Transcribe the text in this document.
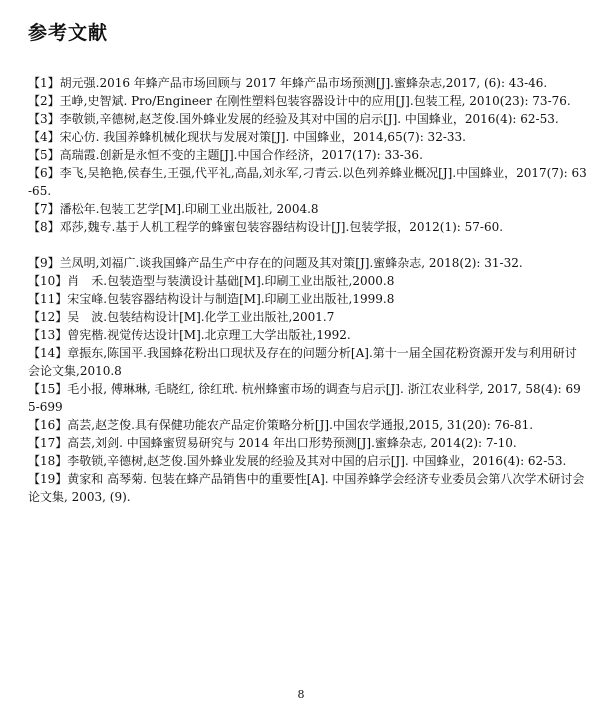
参考文献

【1】胡元强.2016 年蜂产品市场回顾与 2017 年蜂产品市场预测[J].蜜蜂杂志,2017, (6): 43-46.

【2】王峥,史智斌. Pro/Engineer 在刚性塑料包装容器设计中的应用[J].包装工程, 2010(23): 73-76.

【3】李敬锁,辛德树,赵芝俊.国外蜂业发展的经验及其对中国的启示[J]. 中国蜂业，2016(4): 62-53.

【4】宋心仿. 我国养蜂机械化现状与发展对策[J]. 中国蜂业，2014,65(7): 32-33.

【5】高瑞霞.创新是永恒不变的主题[J].中国合作经济，2017(17): 33-36.

【6】李飞,吴艳艳,侯春生,王强,代平礼,高晶,刘永军,刁青云.以色列养蜂业概况[J].中国蜂业，2017(7): 63-65.

【7】潘松年.包装工艺学[M].印刷工业出版社, 2004.8

【8】邓莎,魏专.基于人机工程学的蜂蜜包装容器结构设计[J].包装学报，2012(1): 57-60.

【9】兰凤明,刘福广.谈我国蜂产品生产中存在的问题及其对策[J].蜜蜂杂志, 2018(2): 31-32.

【10】肖　禾.包装造型与装潢设计基础[M].印刷工业出版社,2000.8

【11】宋宝峰.包装容器结构设计与制造[M].印刷工业出版社,1999.8

【12】吴　波.包装结构设计[M].化学工业出版社,2001.7

【13】曾宪楷.视觉传达设计[M].北京理工大学出版社,1992.

【14】章振东,陈国平.我国蜂花粉出口现状及存在的问题分析[A].第十一届全国花粉资源开发与利用研讨会论文集,2010.8

【15】毛小报, 傅琳琳, 毛晓红, 徐红玳. 杭州蜂蜜市场的调查与启示[J]. 浙江农业科学, 2017, 58(4): 695-699

【16】高芸,赵芝俊.具有保健功能农产品定价策略分析[J].中国农学通报,2015, 31(20): 76-81.

【17】高芸,刘剑. 中国蜂蜜贸易研究与 2014 年出口形势预测[J].蜜蜂杂志, 2014(2): 7-10.

【18】李敬锁,辛德树,赵芝俊.国外蜂业发展的经验及其对中国的启示[J]. 中国蜂业，2016(4): 62-53.

【19】黄家和 高琴菊. 包装在蜂产品销售中的重要性[A]. 中国养蜂学会经济专业委员会第八次学术研讨会论文集, 2003, (9).

8
